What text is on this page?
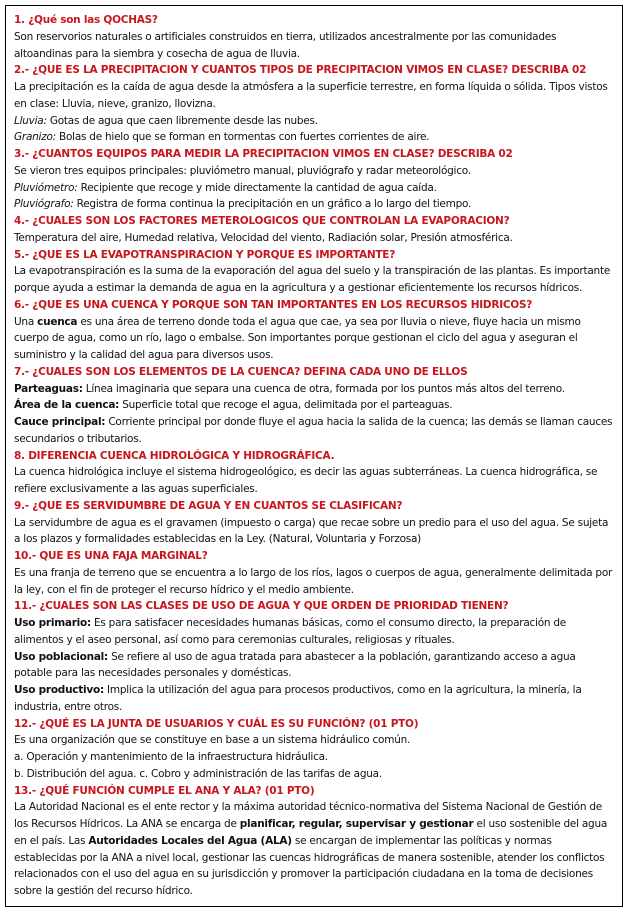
1. ¿Qué son las QOCHAS?

Son reservorios naturales o artificiales construidos en tierra, utilizados ancestralmente por las comunidades altoandinas para la siembra y cosecha de agua de lluvia.

2.- ¿QUE ES LA PRECIPITACION Y CUANTOS TIPOS DE PRECIPITACION VIMOS EN CLASE? DESCRIBA 02

La precipitación es la caída de agua desde la atmósfera a la superficie terrestre, en forma líquida o sólida. Tipos vistos en clase: Lluvia, nieve, granizo, llovizna.

Lluvia: Gotas de agua que caen libremente desde las nubes.

Granizo: Bolas de hielo que se forman en tormentas con fuertes corrientes de aire.

3.- ¿CUANTOS EQUIPOS PARA MEDIR LA PRECIPITACION VIMOS EN CLASE? DESCRIBA 02

Se vieron tres equipos principales: pluviómetro manual, pluviógrafo y radar meteorológico.

Pluviómetro: Recipiente que recoge y mide directamente la cantidad de agua caída.

Pluviógrafo: Registra de forma continua la precipitación en un gráfico a lo largo del tiempo.

4.- ¿CUALES SON LOS FACTORES METEROLOGICOS QUE CONTROLAN LA EVAPORACION?

Temperatura del aire, Humedad relativa, Velocidad del viento, Radiación solar, Presión atmosférica.

5.- ¿QUE ES LA EVAPOTRANSPIRACION Y PORQUE ES IMPORTANTE?

La evapotranspiración es la suma de la evaporación del agua del suelo y la transpiración de las plantas. Es importante porque ayuda a estimar la demanda de agua en la agricultura y a gestionar eficientemente los recursos hídricos.

6.- ¿QUE ES UNA CUENCA Y PORQUE SON TAN IMPORTANTES EN LOS RECURSOS HIDRICOS?

Una cuenca es una área de terreno donde toda el agua que cae, ya sea por lluvia o nieve, fluye hacia un mismo cuerpo de agua, como un río, lago o embalse. Son importantes porque gestionan el ciclo del agua y aseguran el suministro y la calidad del agua para diversos usos.

7.- ¿CUALES SON LOS ELEMENTOS DE LA CUENCA? DEFINA CADA UNO DE ELLOS

Parteaguas: Línea imaginaria que separa una cuenca de otra, formada por los puntos más altos del terreno.

Área de la cuenca: Superficie total que recoge el agua, delimitada por el parteaguas.

Cauce principal: Corriente principal por donde fluye el agua hacia la salida de la cuenca; las demás se llaman cauces secundarios o tributarios.

8. DIFERENCIA CUENCA HIDROLÓGICA Y HIDROGRÁFICA.

La cuenca hidrológica incluye el sistema hidrogeológico, es decir las aguas subterráneas. La cuenca hidrográfica, se refiere exclusivamente a las aguas superficiales.

9.- ¿QUE ES SERVIDUMBRE DE AGUA Y EN CUANTOS SE CLASIFICAN?

La servidumbre de agua es el gravamen (impuesto o carga) que recae sobre un predio para el uso del agua. Se sujeta a los plazos y formalidades establecidas en la Ley. (Natural, Voluntaria y Forzosa)

10.- QUE ES UNA FAJA MARGINAL?

Es una franja de terreno que se encuentra a lo largo de los ríos, lagos o cuerpos de agua, generalmente delimitada por la ley, con el fin de proteger el recurso hídrico y el medio ambiente.

11.- ¿CUALES SON LAS CLASES DE USO DE AGUA Y QUE ORDEN DE PRIORIDAD TIENEN?

Uso primario: Es para satisfacer necesidades humanas básicas, como el consumo directo, la preparación de alimentos y el aseo personal, así como para ceremonias culturales, religiosas y rituales.

Uso poblacional: Se refiere al uso de agua tratada para abastecer a la población, garantizando acceso a agua potable para las necesidades personales y domésticas.

Uso productivo: Implica la utilización del agua para procesos productivos, como en la agricultura, la minería, la industria, entre otros.

12.- ¿QUÉ ES LA JUNTA DE USUARIOS Y CUÁL ES SU FUNCIÓN? (01 PTO)

Es una organización que se constituye en base a un sistema hidráulico común.

a. Operación y mantenimiento de la infraestructura hidráulica.

b. Distribución del agua. c. Cobro y administración de las tarifas de agua.

13.- ¿QUÉ FUNCIÓN CUMPLE EL ANA Y ALA? (01 PTO)

La Autoridad Nacional es el ente rector y la máxima autoridad técnico-normativa del Sistema Nacional de Gestión de los Recursos Hídricos. La ANA se encarga de planificar, regular, supervisar y gestionar el uso sostenible del agua en el país. Las Autoridades Locales del Agua (ALA) se encargan de implementar las políticas y normas establecidas por la ANA a nivel local, gestionar las cuencas hidrográficas de manera sostenible, atender los conflictos relacionados con el uso del agua en su jurisdicción y promover la participación ciudadana en la toma de decisiones sobre la gestión del recurso hídrico.
